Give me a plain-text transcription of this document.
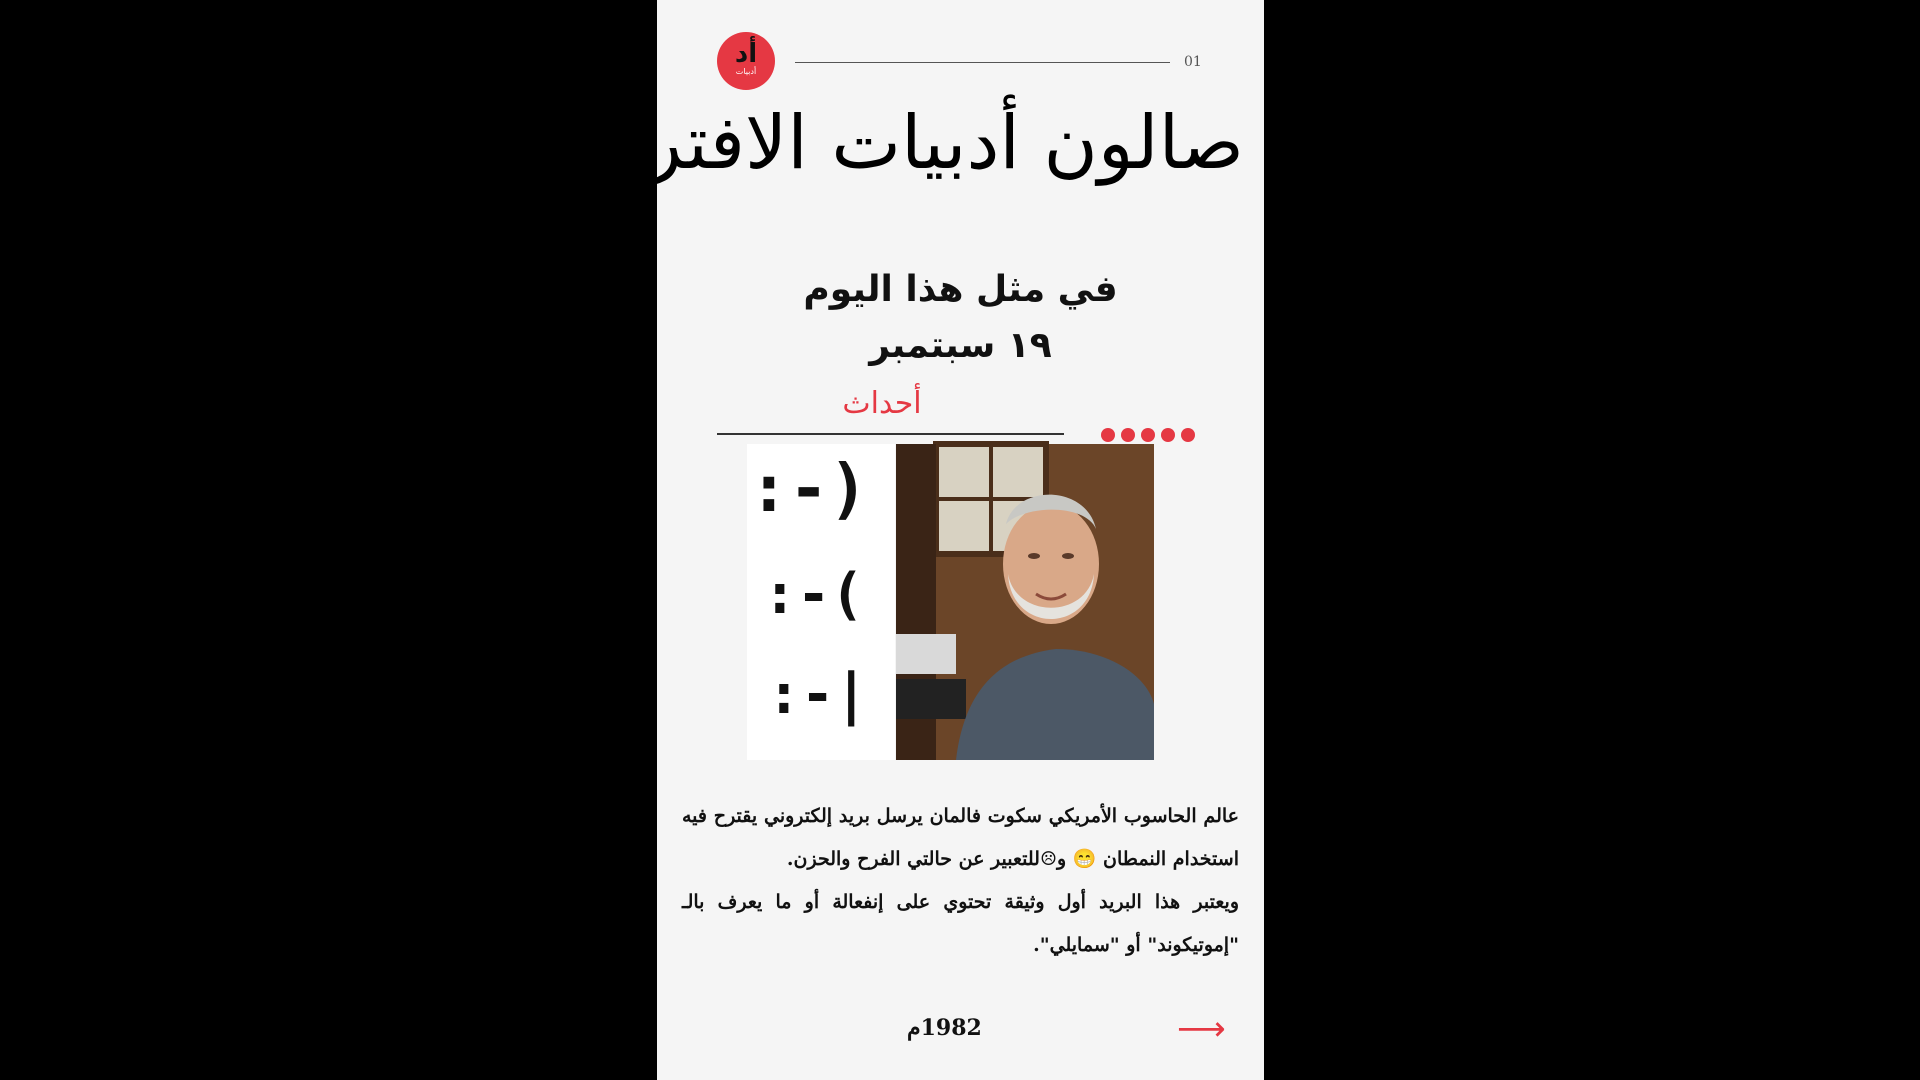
أد
أدبيات
01
صالون أدبيات الافتراضي
في مثل هذا اليوم
١٩ سبتمبر
أحداث
:-)
:-(
:-|

عالم الحاسوب الأمريكي سكوت فالمان يرسل بريد إلكتروني يقترح فيه استخدام النمطان 😁 و☹للتعبير عن حالتي الفرح والحزن.

ويعتبر هذا البريد أول وثيقة تحتوي على إنفعالة أو ما يعرف بالـ "إموتيكوند" أو "سمايلي".

1982م	⟶
